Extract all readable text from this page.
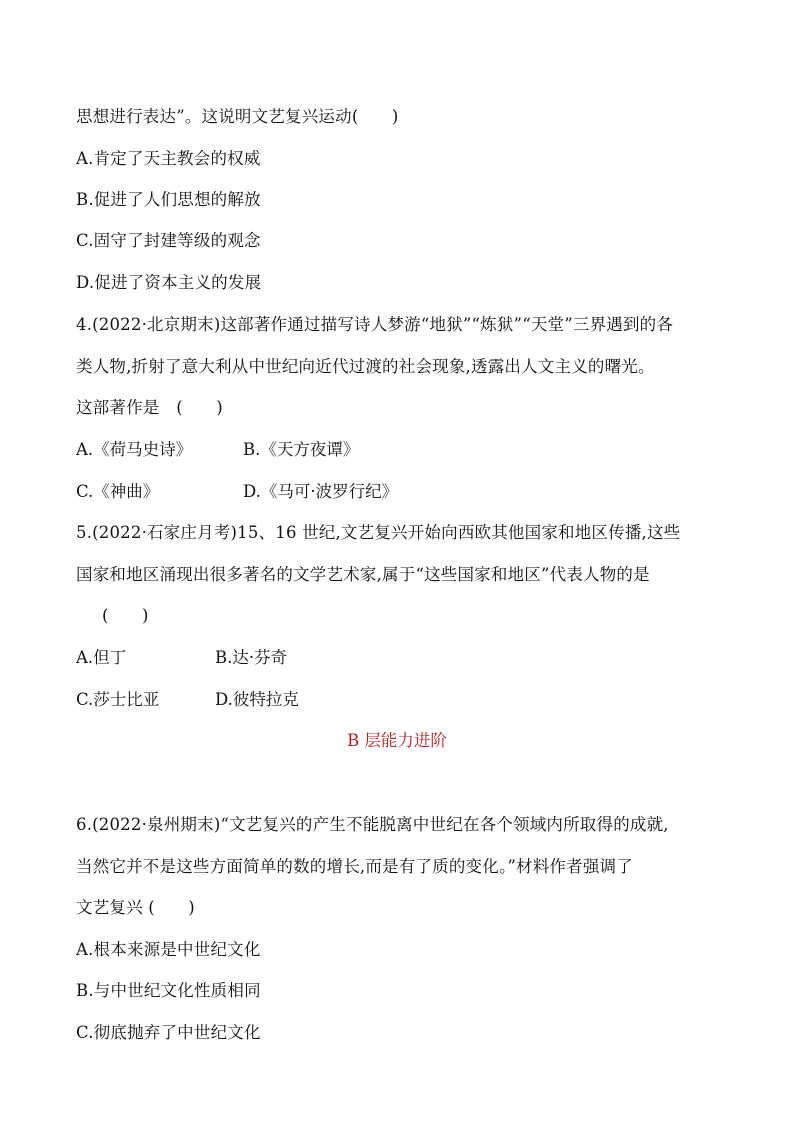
思想进行表达”。这说明文艺复兴运动(　　)
A.肯定了天主教会的权威
B.促进了人们思想的解放
C.固守了封建等级的观念
D.促进了资本主义的发展
4.(2022·北京期末)这部著作通过描写诗人梦游“地狱”“炼狱”“天堂”三界遇到的各
类人物,折射了意大利从中世纪向近代过渡的社会现象,透露出人文主义的曙光。
这部著作是　(　　)
A.《荷马史诗》	B.《天方夜谭》
C.《神曲》	D.《马可·波罗行纪》
5.(2022·石家庄月考)15、16 世纪,文艺复兴开始向西欧其他国家和地区传播,这些
国家和地区涌现出很多著名的文学艺术家,属于“这些国家和地区”代表人物的是
(　　)
A.但丁	B.达·芬奇
C.莎士比亚	D.彼特拉克
B 层能力进阶
6.(2022·泉州期末)“文艺复兴的产生不能脱离中世纪在各个领域内所取得的成就,
当然它并不是这些方面简单的数的增长,而是有了质的变化。”材料作者强调了
文艺复兴 (　　)
A.根本来源是中世纪文化
B.与中世纪文化性质相同
C.彻底抛弃了中世纪文化
